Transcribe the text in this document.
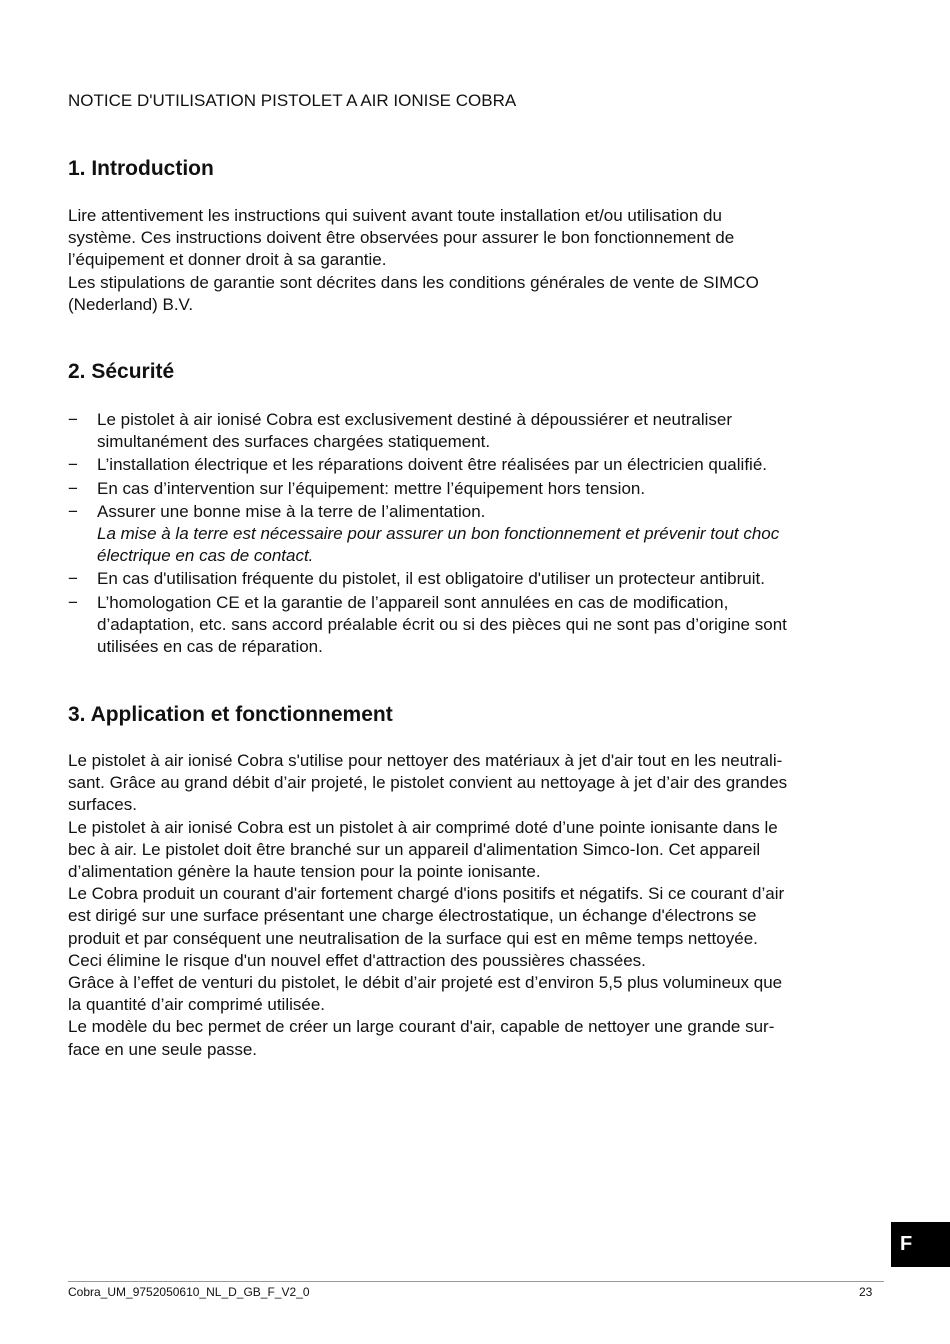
NOTICE D'UTILISATION PISTOLET A AIR IONISE COBRA

1. Introduction
Lire attentivement les instructions qui suivent avant toute installation et/ou utilisation du
système. Ces instructions doivent être observées pour assurer le bon fonctionnement de
l’équipement et donner droit à sa garantie.
Les stipulations de garantie sont décrites dans les conditions générales de vente de SIMCO
(Nederland) B.V.
2. Sécurité
− Le pistolet à air ionisé Cobra est exclusivement destiné à dépoussiérer et neutraliser
simultanément des surfaces chargées statiquement.
− L’installation électrique et les réparations doivent être réalisées par un électricien qualifié.
− En cas d’intervention sur l’équipement: mettre l’équipement hors tension.
− Assurer une bonne mise à la terre de l’alimentation.
La mise à la terre est nécessaire pour assurer un bon fonctionnement et prévenir tout choc
électrique en cas de contact.
− En cas d'utilisation fréquente du pistolet, il est obligatoire d'utiliser un protecteur antibruit.
− L’homologation CE et la garantie de l’appareil sont annulées en cas de modification,
d’adaptation, etc. sans accord préalable écrit ou si des pièces qui ne sont pas d’origine sont
utilisées en cas de réparation.
3. Application et fonctionnement
Le pistolet à air ionisé Cobra s'utilise pour nettoyer des matériaux à jet d'air tout en les neutrali-
sant. Grâce au grand débit d’air projeté, le pistolet convient au nettoyage à jet d’air des grandes
surfaces.
Le pistolet à air ionisé Cobra est un pistolet à air comprimé doté d’une pointe ionisante dans le
bec à air. Le pistolet doit être branché sur un appareil d'alimentation Simco-Ion. Cet appareil
d’alimentation génère la haute tension pour la pointe ionisante.
Le Cobra produit un courant d'air fortement chargé d'ions positifs et négatifs. Si ce courant d’air
est dirigé sur une surface présentant une charge électrostatique, un échange d'électrons se
produit et par conséquent une neutralisation de la surface qui est en même temps nettoyée.
Ceci élimine le risque d'un nouvel effet d'attraction des poussières chassées.
Grâce à l’effet de venturi du pistolet, le débit d’air projeté est d’environ 5,5 plus volumineux que
la quantité d’air comprimé utilisée.
Le modèle du bec permet de créer un large courant d'air, capable de nettoyer une grande sur-
face en une seule passe.
F
Cobra_UM_9752050610_NL_D_GB_F_V2_0	23
